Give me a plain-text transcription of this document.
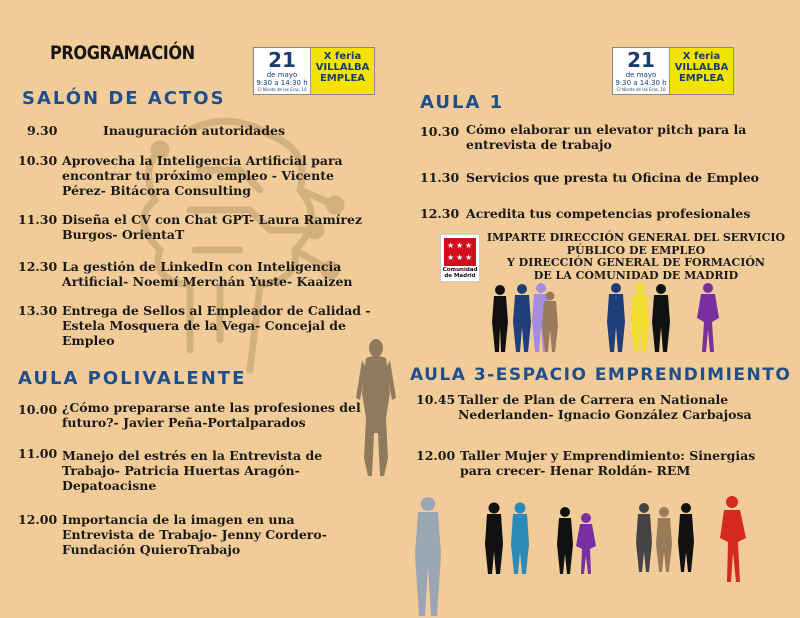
PROGRAMACIÓN	21
de mayo
9:30 a 14:30 h
C/ Niceto de las Eras, 10
X feria
VILLALBA
EMPLEA
21
de mayo
9:30 a 14:30 h
C/ Niceto de las Eras, 10
X feria
VILLALBA
EMPLEA
SALÓN DE ACTOS
9.30	Inauguración autoridades
10.30 Aprovecha la Inteligencia Artificial para encontrar tu próximo empleo - Vicente Pérez- Bitácora Consulting
11.30 Diseña el CV con Chat GPT- Laura Ramírez Burgos- OrientaT
12.30 La gestión de LinkedIn con Inteligencia Artificial- Noemí Merchán Yuste- Kaaizen
13.30 Entrega de Sellos al Empleador de Calidad -Estela Mosquera de la Vega- Concejal de Empleo
AULA POLIVALENTE
10.00 ¿Cómo prepararse ante las profesiones del futuro?- Javier Peña-Portalparados
11.00 Manejo del estrés en la Entrevista de Trabajo- Patricia Huertas Aragón- Depatoacisne
12.00 Importancia de la imagen en una Entrevista de Trabajo- Jenny Cordero- Fundación QuieroTrabajo
AULA 1
10.30 Cómo elaborar un elevator pitch para la entrevista de trabajo
11.30 Servicios que presta tu Oficina de Empleo
12.30 Acredita tus competencias profesionales
★ ★ ★
★ ★ ★
Comunidad
de Madrid
IMPARTE DIRECCIÓN GENERAL DEL SERVICIO
PÚBLICO DE EMPLEO
Y DIRECCIÓN GENERAL DE FORMACIÓN
DE LA COMUNIDAD DE MADRID
AULA 3-ESPACIO EMPRENDIMIENTO
10.45 Taller de Plan de Carrera en Nationale Nederlanden- Ignacio González Carbajosa
12.00 Taller Mujer y Emprendimiento: Sinergias para crecer- Henar Roldán- REM
